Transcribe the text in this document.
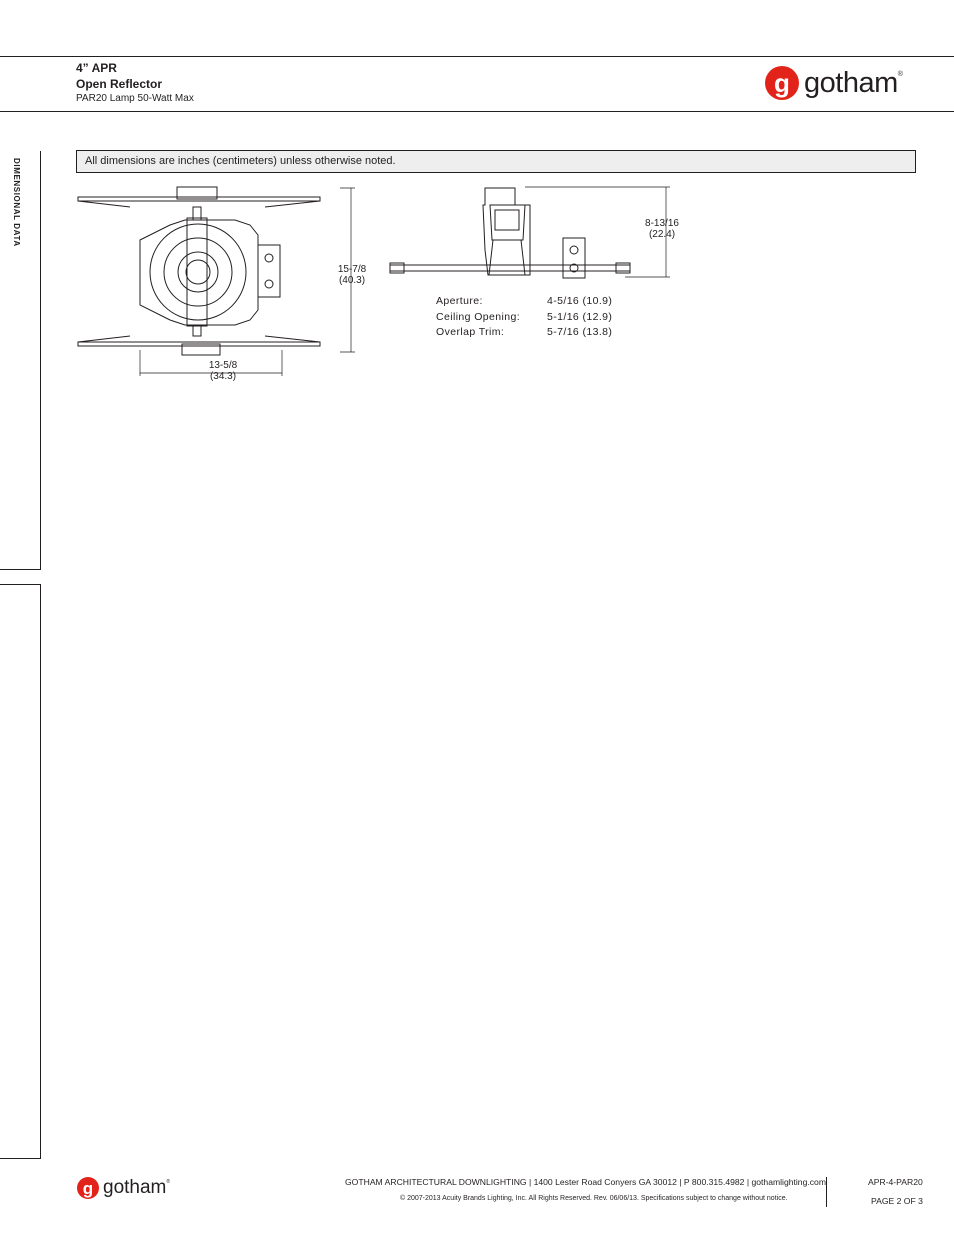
4” APR
Open Reflector
PAR20 Lamp 50-Watt Max
g gotham ®
DIMENSIONAL DATA	All dimensions are inches (centimeters) unless otherwise noted.
15-7/8
(40.3)
13-5/8
(34.3)
8-13/16
(22.4)
Aperture:	4-5/16 (10.9)
Ceiling Opening:	5-1/16 (12.9)
Overlap Trim:	5-7/16 (13.8)
g gotham ®	GOTHAM ARCHITECTURAL DOWNLIGHTING | 1400 Lester Road Conyers GA 30012 | P 800.315.4982 | gothamlighting.com
© 2007-2013 Acuity Brands Lighting, Inc. All Rights Reserved. Rev. 06/06/13. Specifications subject to change without notice.
APR-4-PAR20
PAGE 2 OF 3
